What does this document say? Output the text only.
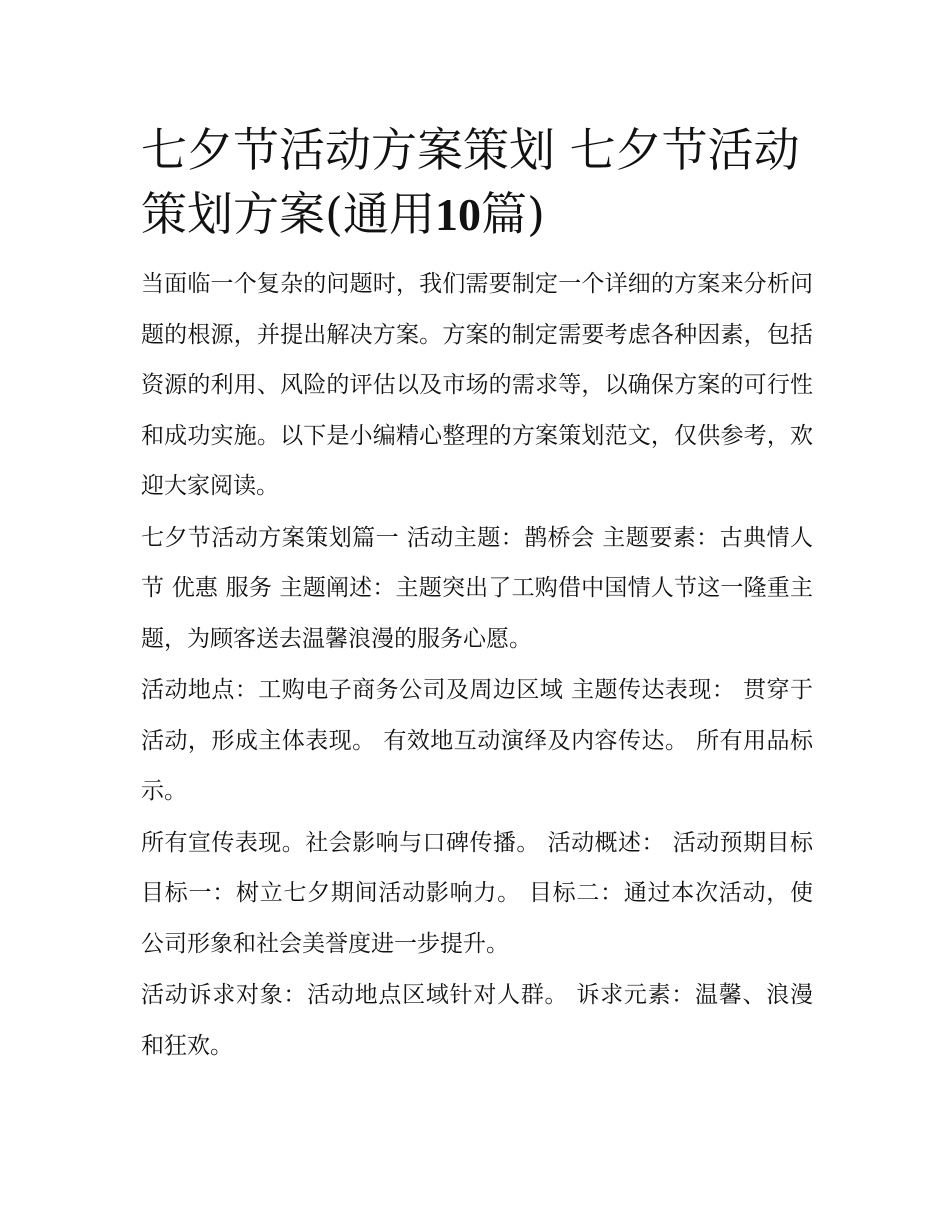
七夕节活动方案策划 七夕节活动策划方案(通用10篇)

当面临一个复杂的问题时，我们需要制定一个详细的方案来分析问题的根源，并提出解决方案。方案的制定需要考虑各种因素，包括资源的利用、风险的评估以及市场的需求等，以确保方案的可行性和成功实施。以下是小编精心整理的方案策划范文，仅供参考，欢迎大家阅读。

七夕节活动方案策划篇一 活动主题：鹊桥会 主题要素：古典情人节 优惠 服务 主题阐述：主题突出了工购借中国情人节这一隆重主题，为顾客送去温馨浪漫的服务心愿。

活动地点：工购电子商务公司及周边区域 主题传达表现： 贯穿于活动，形成主体表现。 有效地互动演绎及内容传达。 所有用品标示。

所有宣传表现。社会影响与口碑传播。 活动概述： 活动预期目标 目标一：树立七夕期间活动影响力。 目标二：通过本次活动，使公司形象和社会美誉度进一步提升。

活动诉求对象：活动地点区域针对人群。 诉求元素：温馨、浪漫和狂欢。
